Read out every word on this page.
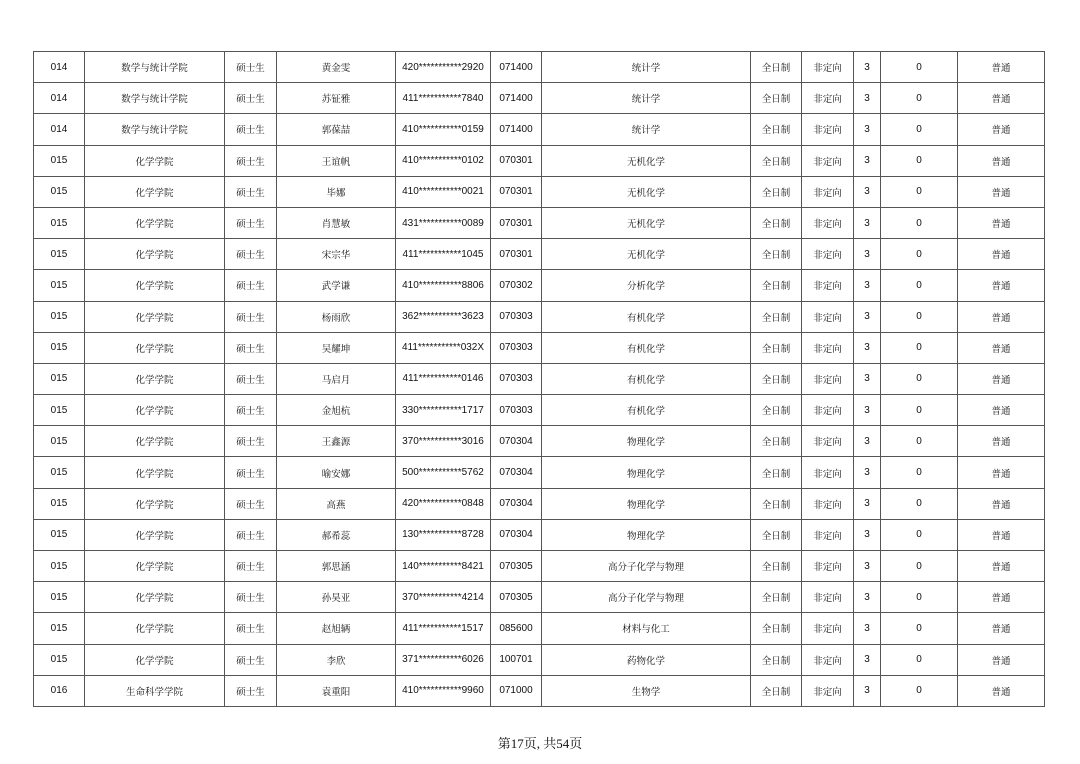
014	数学与统计学院	硕士生	黄金雯	420***********2920	071400	统计学	全日制	非定向	3	0	普通
014	数学与统计学院	硕士生	苏钲雅	411***********7840	071400	统计学	全日制	非定向	3	0	普通
014	数学与统计学院	硕士生	郭葆喆	410***********0159	071400	统计学	全日制	非定向	3	0	普通
015	化学学院	硕士生	王谊帆	410***********0102	070301	无机化学	全日制	非定向	3	0	普通
015	化学学院	硕士生	毕娜	410***********0021	070301	无机化学	全日制	非定向	3	0	普通
015	化学学院	硕士生	肖慧敏	431***********0089	070301	无机化学	全日制	非定向	3	0	普通
015	化学学院	硕士生	宋宗华	411***********1045	070301	无机化学	全日制	非定向	3	0	普通
015	化学学院	硕士生	武学谦	410***********8806	070302	分析化学	全日制	非定向	3	0	普通
015	化学学院	硕士生	杨雨欣	362***********3623	070303	有机化学	全日制	非定向	3	0	普通
015	化学学院	硕士生	吴耀坤	411***********032X	070303	有机化学	全日制	非定向	3	0	普通
015	化学学院	硕士生	马启月	411***********0146	070303	有机化学	全日制	非定向	3	0	普通
015	化学学院	硕士生	金旭杭	330***********1717	070303	有机化学	全日制	非定向	3	0	普通
015	化学学院	硕士生	王鑫源	370***********3016	070304	物理化学	全日制	非定向	3	0	普通
015	化学学院	硕士生	喻安娜	500***********5762	070304	物理化学	全日制	非定向	3	0	普通
015	化学学院	硕士生	高燕	420***********0848	070304	物理化学	全日制	非定向	3	0	普通
015	化学学院	硕士生	郝希蕊	130***********8728	070304	物理化学	全日制	非定向	3	0	普通
015	化学学院	硕士生	郭思涵	140***********8421	070305	高分子化学与物理	全日制	非定向	3	0	普通
015	化学学院	硕士生	孙昊亚	370***********4214	070305	高分子化学与物理	全日制	非定向	3	0	普通
015	化学学院	硕士生	赵旭辆	411***********1517	085600	材料与化工	全日制	非定向	3	0	普通
015	化学学院	硕士生	李欣	371***********6026	100701	药物化学	全日制	非定向	3	0	普通
016	生命科学学院	硕士生	袁重阳	410***********9960	071000	生物学	全日制	非定向	3	0	普通
第17页, 共54页
